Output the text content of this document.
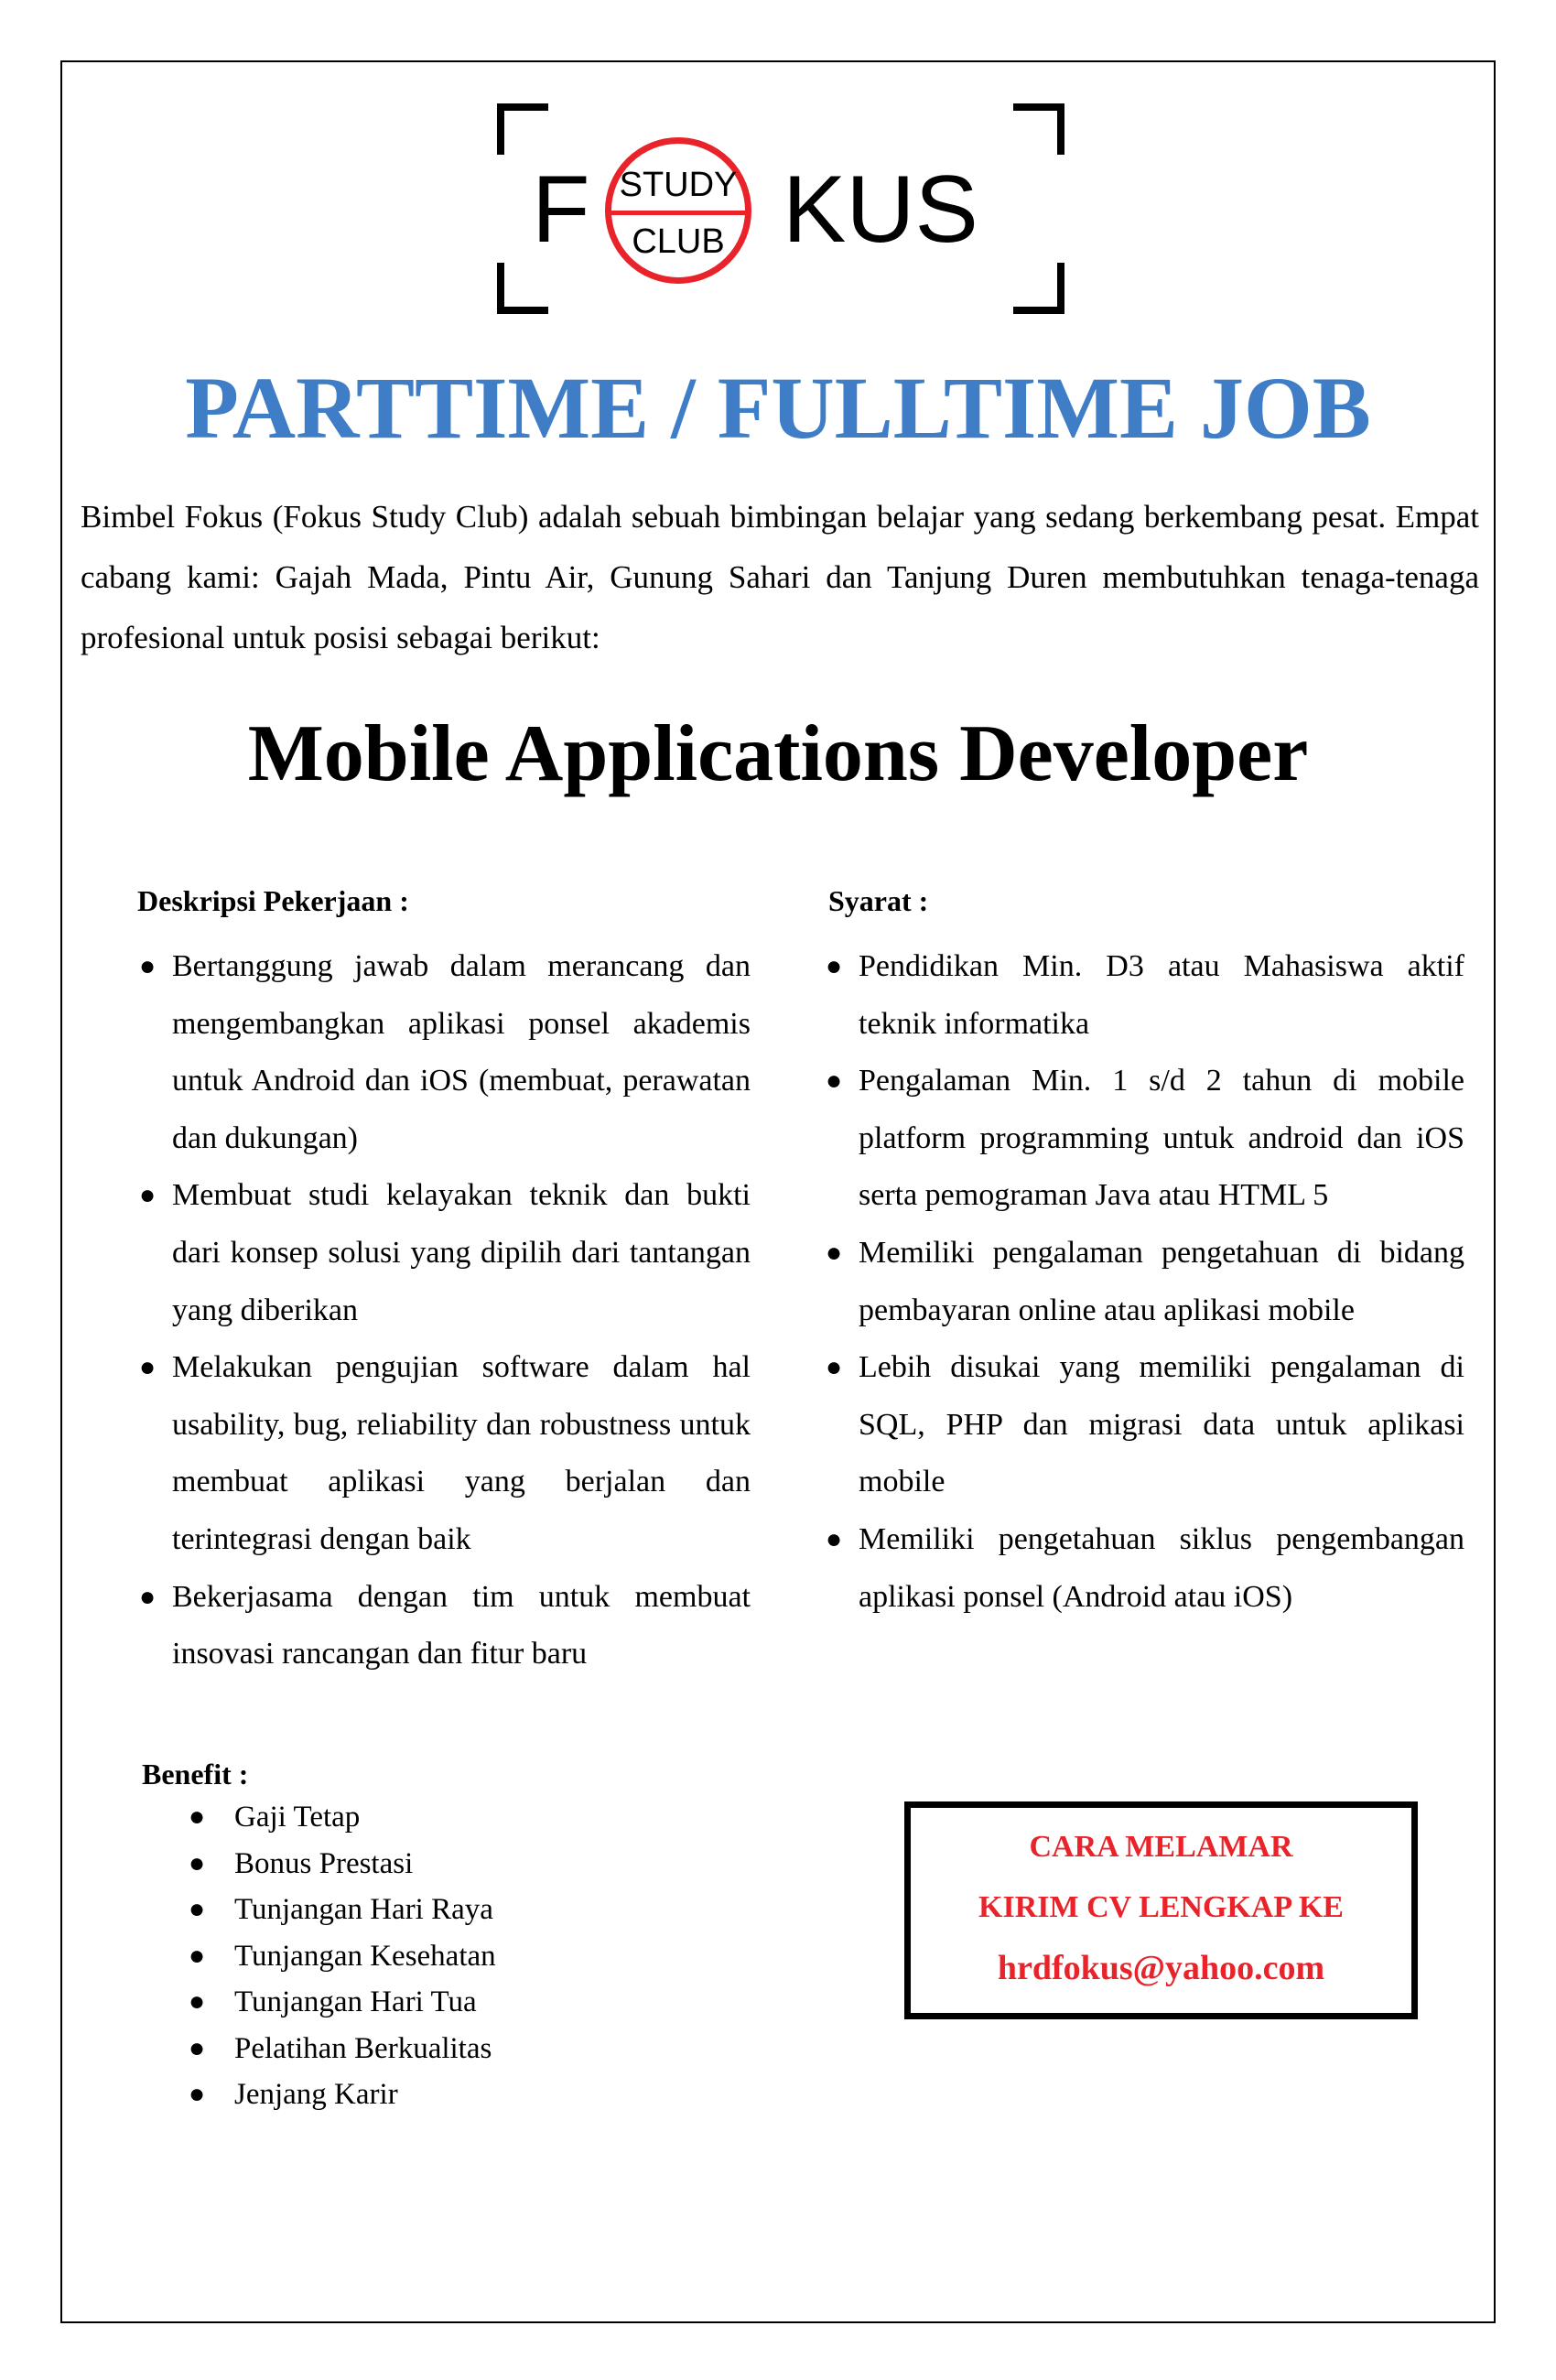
F STUDY
CLUB KUS
PARTTIME / FULLTIME JOB

Bimbel Fokus (Fokus Study Club) adalah sebuah bimbingan belajar yang sedang berkembang pesat. Empat cabang kami: Gajah Mada, Pintu Air, Gunung Sahari dan Tanjung Duren membutuhkan tenaga-tenaga profesional untuk posisi sebagai berikut:

Mobile Applications Developer
Deskripsi Pekerjaan :
● Bertanggung jawab dalam merancang dan mengembangkan aplikasi ponsel akademis untuk Android dan iOS (membuat, perawatan dan dukungan)
● Membuat studi kelayakan teknik dan bukti dari konsep solusi yang dipilih dari tantangan yang diberikan
● Melakukan pengujian software dalam hal usability, bug, reliability dan robustness untuk membuat aplikasi yang berjalan dan terintegrasi dengan baik
● Bekerjasama dengan tim untuk membuat insovasi rancangan dan fitur baru
Syarat :
● Pendidikan Min. D3 atau Mahasiswa aktif teknik informatika
● Pengalaman Min. 1 s/d 2 tahun di mobile platform programming untuk android dan iOS serta pemograman Java atau HTML 5
● Memiliki pengalaman pengetahuan di bidang pembayaran online atau aplikasi mobile
● Lebih disukai yang memiliki pengalaman di SQL, PHP dan migrasi data untuk aplikasi mobile
● Memiliki pengetahuan siklus pengembangan aplikasi ponsel (Android atau iOS)
Benefit :
● Gaji Tetap
● Bonus Prestasi
● Tunjangan Hari Raya
● Tunjangan Kesehatan
● Tunjangan Hari Tua
● Pelatihan Berkualitas
● Jenjang Karir
CARA MELAMAR
KIRIM CV LENGKAP KE
hrdfokus@yahoo.com
